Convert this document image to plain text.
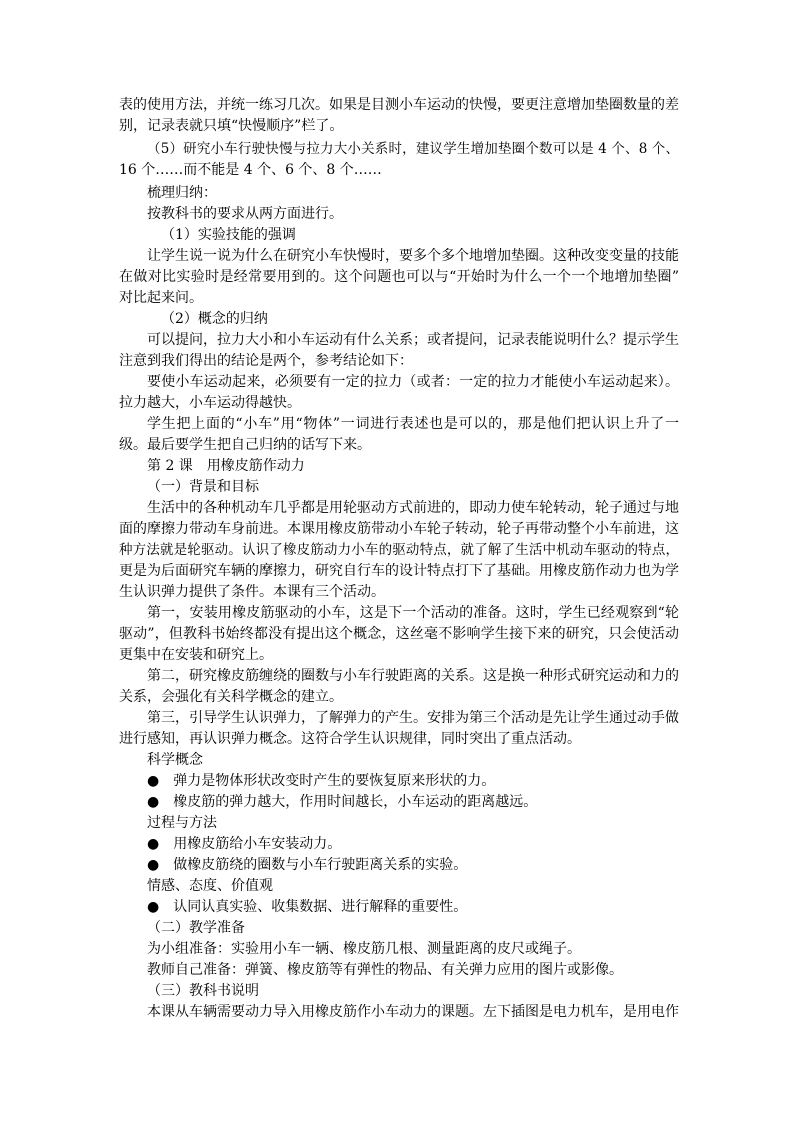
表的使用方法，并统一练习几次。如果是目测小车运动的快慢，要更注意增加垫圈数量的差
别，记录表就只填“快慢顺序”栏了。
（5）研究小车行驶快慢与拉力大小关系时，建议学生增加垫圈个数可以是 4 个、8 个、
16 个……而不能是 4 个、6 个、8 个……
梳理归纳：
按教科书的要求从两方面进行。
（1）实验技能的强调
让学生说一说为什么在研究小车快慢时，要多个多个地增加垫圈。这种改变变量的技能
在做对比实验时是经常要用到的。这个问题也可以与“开始时为什么一个一个地增加垫圈”
对比起来问。
（2）概念的归纳
可以提问，拉力大小和小车运动有什么关系；或者提问，记录表能说明什么？提示学生
注意到我们得出的结论是两个，参考结论如下：
要使小车运动起来，必须要有一定的拉力（或者：一定的拉力才能使小车运动起来）。
拉力越大，小车运动得越快。
学生把上面的“小车”用“物体”一词进行表述也是可以的，那是他们把认识上升了一
级。最后要学生把自己归纳的话写下来。
第 2 课　用橡皮筋作动力
（一）背景和目标
生活中的各种机动车几乎都是用轮驱动方式前进的，即动力使车轮转动，轮子通过与地
面的摩擦力带动车身前进。本课用橡皮筋带动小车轮子转动，轮子再带动整个小车前进，这
种方法就是轮驱动。认识了橡皮筋动力小车的驱动特点，就了解了生活中机动车驱动的特点，
更是为后面研究车辆的摩擦力，研究自行车的设计特点打下了基础。用橡皮筋作动力也为学
生认识弹力提供了条件。本课有三个活动。
第一，安装用橡皮筋驱动的小车，这是下一个活动的准备。这时，学生已经观察到“轮
驱动”，但教科书始终都没有提出这个概念，这丝毫不影响学生接下来的研究，只会使活动
更集中在安装和研究上。
第二，研究橡皮筋缠绕的圈数与小车行驶距离的关系。这是换一种形式研究运动和力的
关系，会强化有关科学概念的建立。
第三，引导学生认识弹力，了解弹力的产生。安排为第三个活动是先让学生通过动手做
进行感知，再认识弹力概念。这符合学生认识规律，同时突出了重点活动。
科学概念
●　弹力是物体形状改变时产生的要恢复原来形状的力。
●　橡皮筋的弹力越大，作用时间越长，小车运动的距离越远。
过程与方法
●　用橡皮筋给小车安装动力。
●　做橡皮筋绕的圈数与小车行驶距离关系的实验。
情感、态度、价值观
●　认同认真实验、收集数据、进行解释的重要性。
（二）教学准备
为小组准备：实验用小车一辆、橡皮筋几根、测量距离的皮尺或绳子。
教师自己准备：弹簧、橡皮筋等有弹性的物品、有关弹力应用的图片或影像。
（三）教科书说明
本课从车辆需要动力导入用橡皮筋作小车动力的课题。左下插图是电力机车，是用电作
